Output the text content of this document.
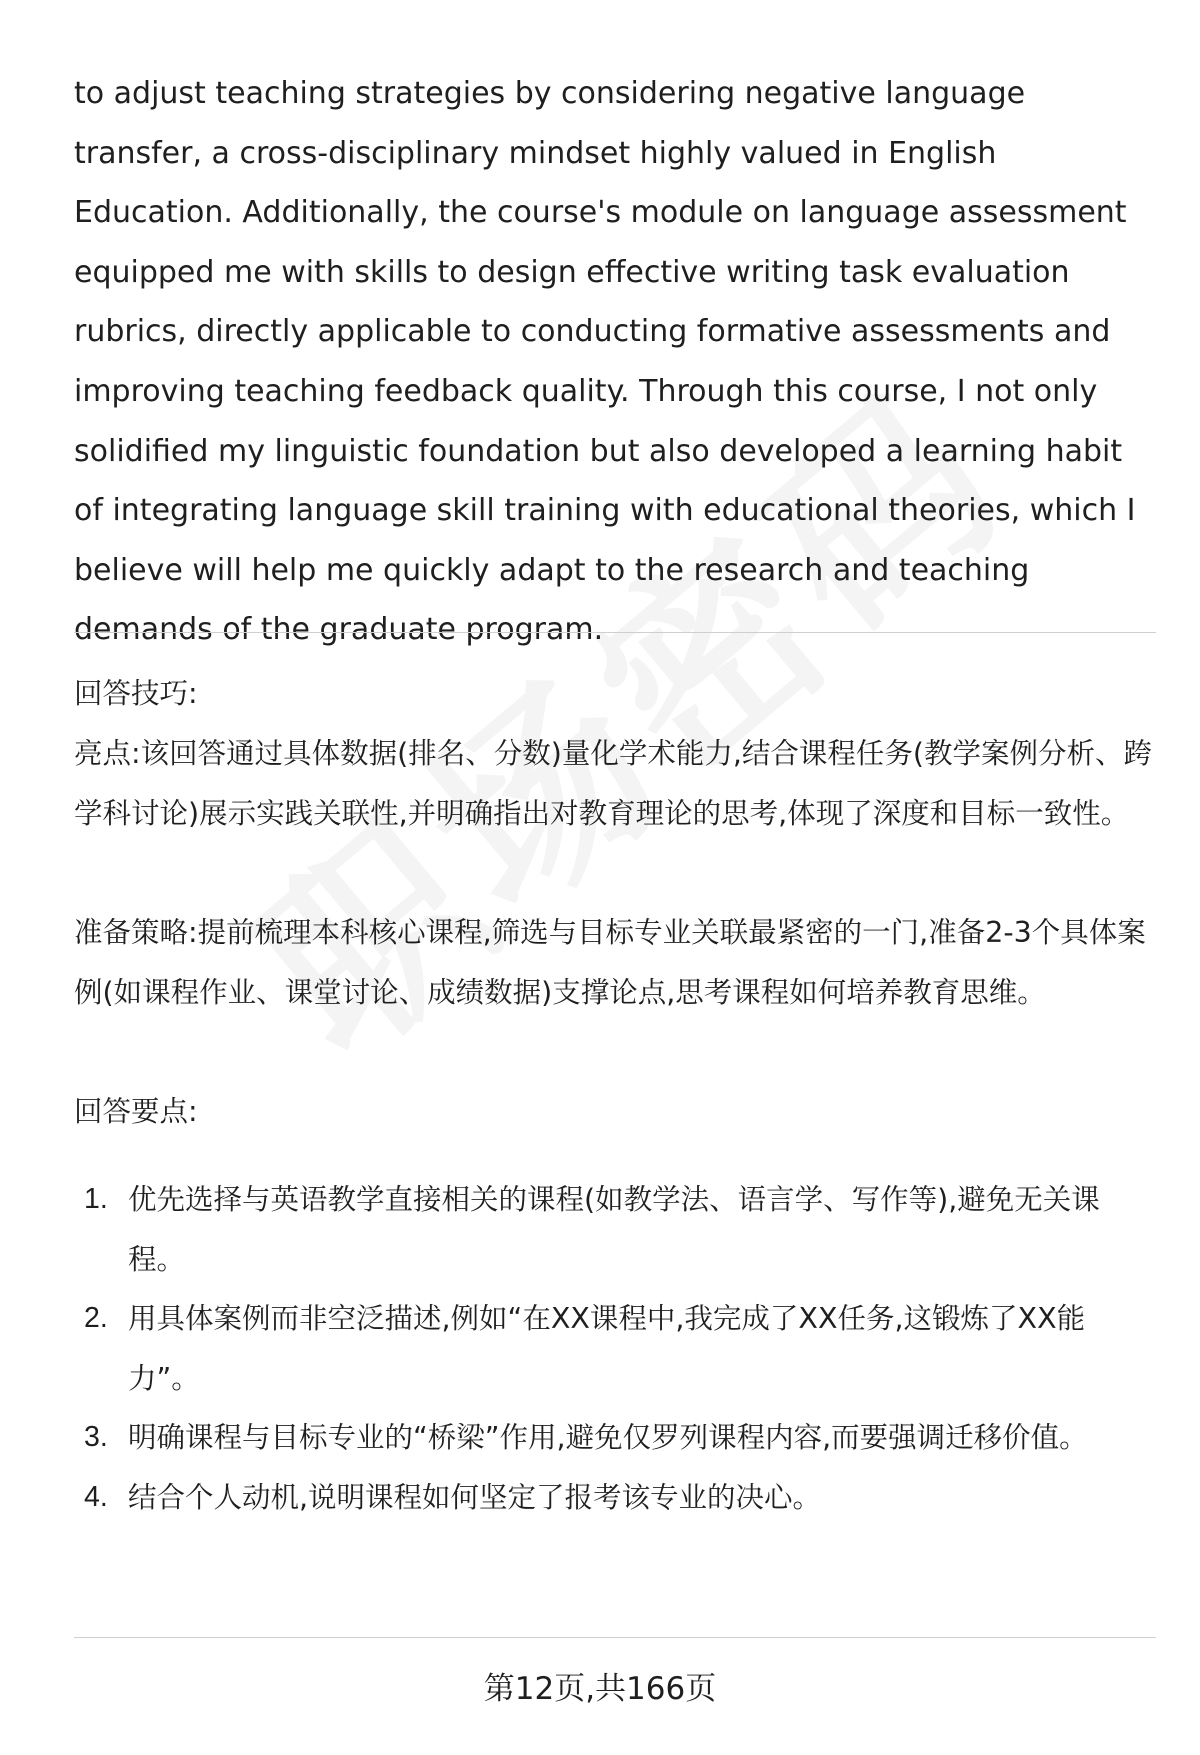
to adjust teaching strategies by considering negative language transfer, a cross-disciplinary mindset highly valued in English Education. Additionally, the course's module on language assessment equipped me with skills to design effective writing task evaluation rubrics, directly applicable to conducting formative assessments and improving teaching feedback quality. Through this course, I not only solidified my linguistic foundation but also developed a learning habit of integrating language skill training with educational theories, which I believe will help me quickly adapt to the research and teaching demands of the graduate program.

回答技巧:

亮点:该回答通过具体数据(排名、分数)量化学术能力,结合课程任务(教学案例分析、跨学科讨论)展示实践关联性,并明确指出对教育理论的思考,体现了深度和目标一致性。

准备策略:提前梳理本科核心课程,筛选与目标专业关联最紧密的一门,准备2-3个具体案例(如课程作业、课堂讨论、成绩数据)支撑论点,思考课程如何培养教育思维。

回答要点:

1. 优先选择与英语教学直接相关的课程(如教学法、语言学、写作等),避免无关课程。
2. 用具体案例而非空泛描述,例如“在XX课程中,我完成了XX任务,这锻炼了XX能力”。
3. 明确课程与目标专业的“桥梁”作用,避免仅罗列课程内容,而要强调迁移价值。
4. 结合个人动机,说明课程如何坚定了报考该专业的决心。
第12页,共166页
